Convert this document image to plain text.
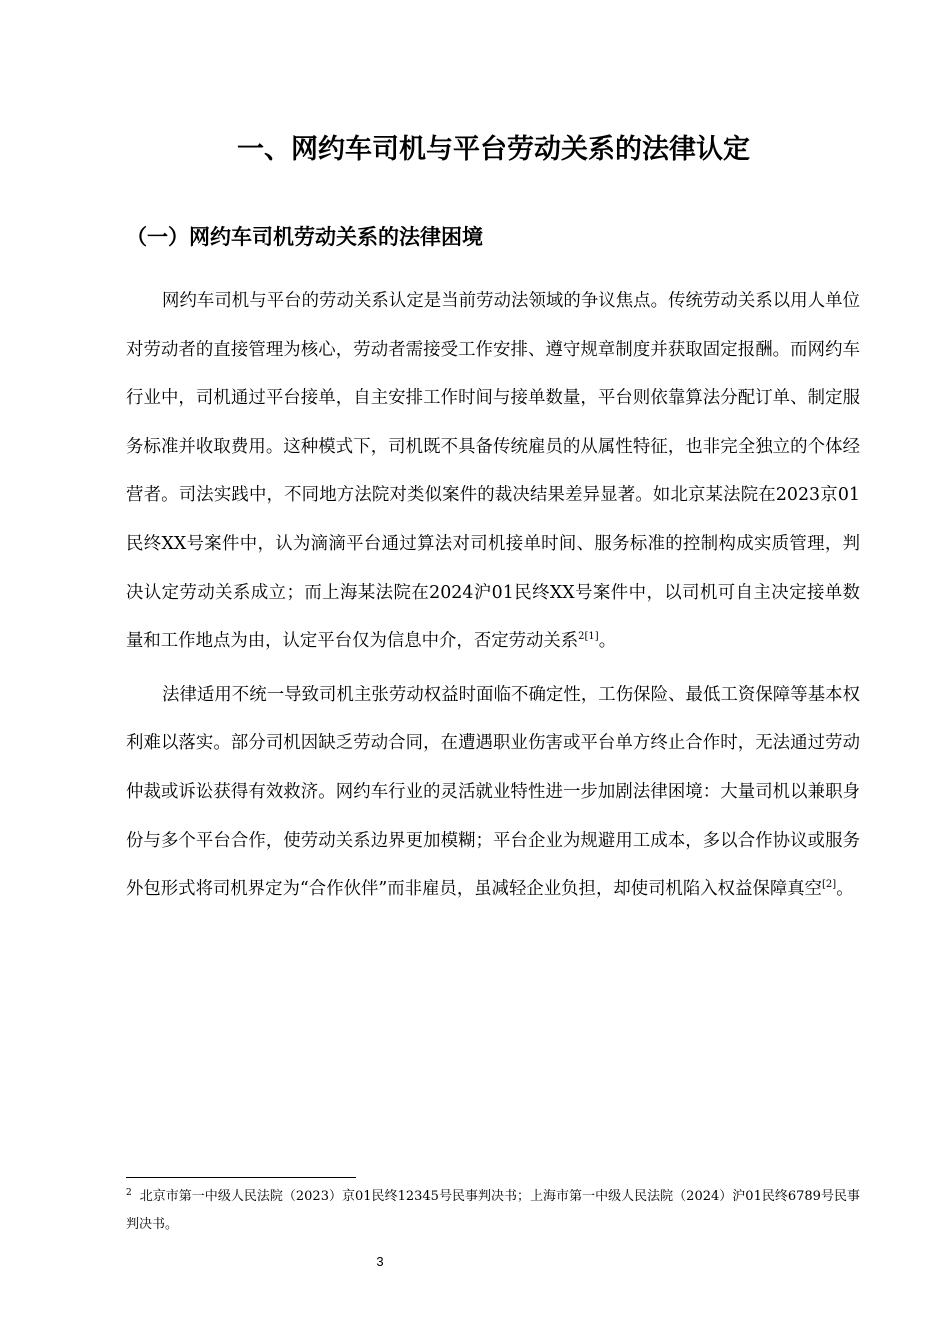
一、网约车司机与平台劳动关系的法律认定
（一）网约车司机劳动关系的法律困境

网约车司机与平台的劳动关系认定是当前劳动法领域的争议焦点。传统劳动关系以用人单位对劳动者的直接管理为核心，劳动者需接受工作安排、遵守规章制度并获取固定报酬。而网约车行业中，司机通过平台接单，自主安排工作时间与接单数量，平台则依靠算法分配订单、制定服务标准并收取费用。这种模式下，司机既不具备传统雇员的从属性特征，也非完全独立的个体经营者。司法实践中，不同地方法院对类似案件的裁决结果差异显著。如北京某法院在2023京01民终XX号案件中，认为滴滴平台通过算法对司机接单时间、服务标准的控制构成实质管理，判决认定劳动关系成立；而上海某法院在2024沪01民终XX号案件中，以司机可自主决定接单数量和工作地点为由，认定平台仅为信息中介，否定劳动关系$^{2[1]}$。

法律适用不统一导致司机主张劳动权益时面临不确定性，工伤保险、最低工资保障等基本权利难以落实。部分司机因缺乏劳动合同，在遭遇职业伤害或平台单方终止合作时，无法通过劳动仲裁或诉讼获得有效救济。网约车行业的灵活就业特性进一步加剧法律困境：大量司机以兼职身份与多个平台合作，使劳动关系边界更加模糊；平台企业为规避用工成本，多以合作协议或服务外包形式将司机界定为“合作伙伴”而非雇员，虽减轻企业负担，却使司机陷入权益保障真空[2]。

$^2$ 北京市第一中级人民法院（2023）京01民终12345号民事判决书；上海市第一中级人民法院（2024）沪01民终6789号民事判决书。

3
